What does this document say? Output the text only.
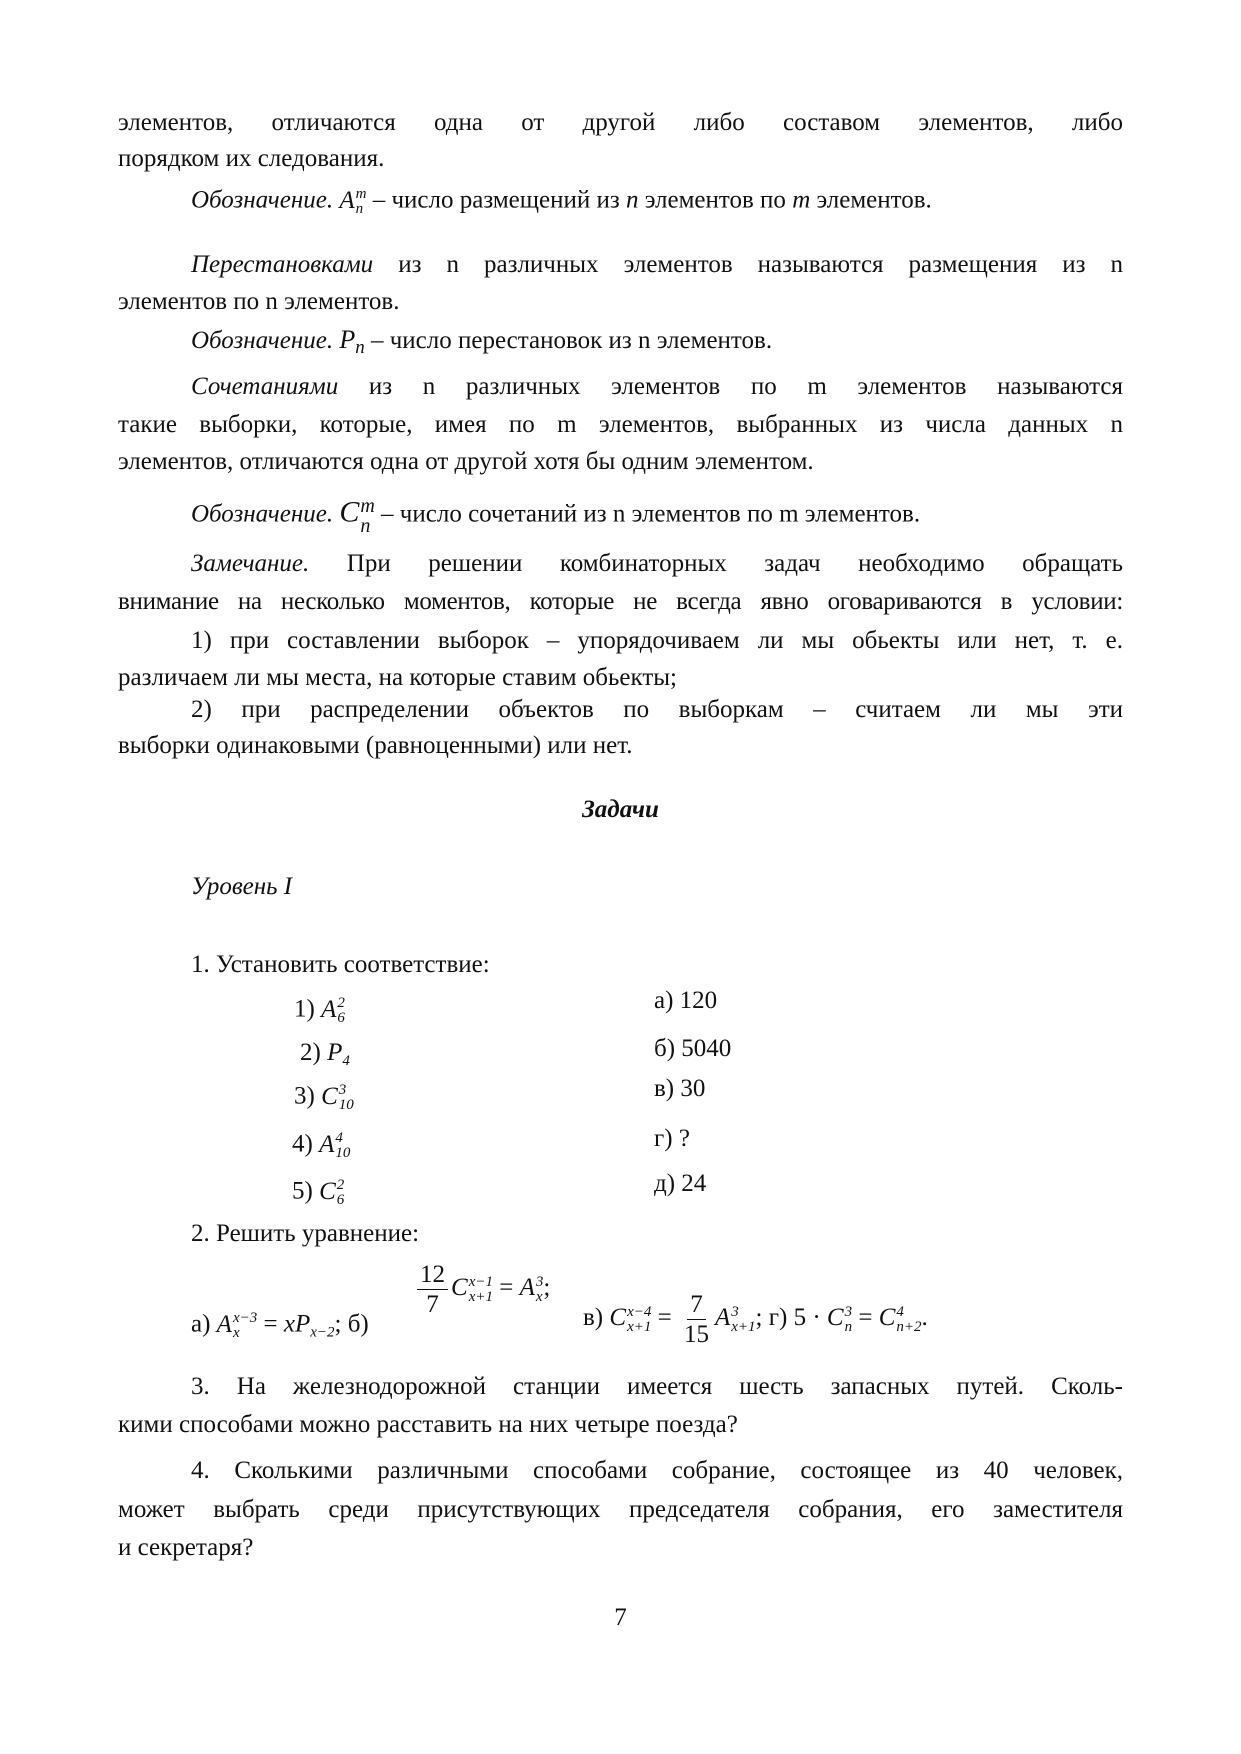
элементов, отличаются одна от другой либо составом элементов, либо
порядком их следования.
Обозначение. A m
n – число размещений из n элементов по m элементов.
Перестановками из n различных элементов называются размещения из n
элементов по n элементов.
Обозначение. $P_n$ – число перестановок из n элементов.
Сочетаниями из n различных элементов по m элементов называются
такие выборки, которые, имея по m элементов, выбранных из числа данных n
элементов, отличаются одна от другой хотя бы одним элементом.
Обозначение. C m
n – число сочетаний из n элементов по m элементов.
Замечание. При решении комбинаторных задач необходимо обращать
внимание на несколько моментов, которые не всегда явно оговариваются в условии:
1) при составлении выборок – упорядочиваем ли мы обьекты или нет, т. е.
различаем ли мы места, на которые ставим обьекты;
2) при распределении объектов по выборкам – считаем ли мы эти
выборки одинаковыми (равноценными) или нет.
Задачи
Уровень I
1. Установить соответствие:
1) A 2
6
2) $P_4$
3) C 3
10
4) A 4
10
5) C 2
6
а) 120
б) 5040
в) 30
г) ?
д) 24
2. Решить уравнение:
а) A x−3
$x = xP_{x-2}$; б)
$\frac{12}{7}$ C x−1
x+1 = A 3
x ;
в) C x−4
$x+1 = \frac{7}{15}$ A 3
x+1 ; г) 5 · C 3
n = C 4
n+2 .
3. На железнодорожной станции имеется шесть запасных путей. Сколь-
кими способами можно расставить на них четыре поезда?
4. Сколькими различными способами собрание, состоящее из 40 человек,
может выбрать среди присутствующих председателя собрания, его заместителя
и секретаря?
7
